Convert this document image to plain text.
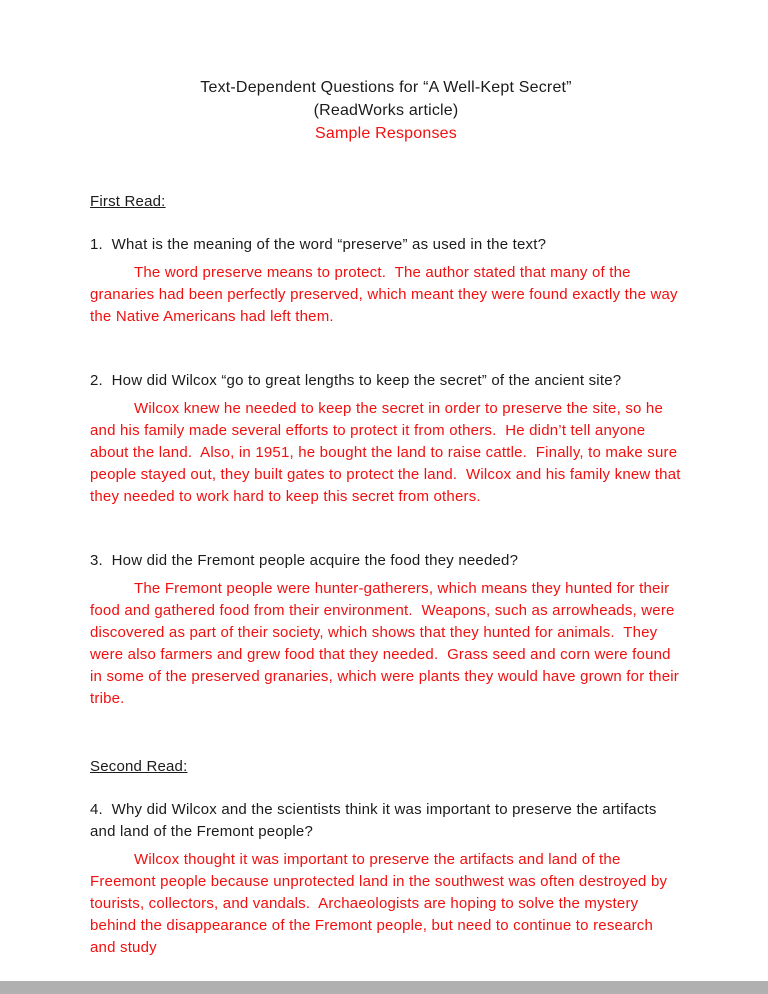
Text-Dependent Questions for “A Well-Kept Secret”
(ReadWorks article)
Sample Responses
First Read:

1.  What is the meaning of the word “preserve” as used in the text?

The word preserve means to protect.  The author stated that many of the granaries had been perfectly preserved, which meant they were found exactly the way the Native Americans had left them.

2.  How did Wilcox “go to great lengths to keep the secret” of the ancient site?

Wilcox knew he needed to keep the secret in order to preserve the site, so he and his family made several efforts to protect it from others.  He didn’t tell anyone about the land.  Also, in 1951, he bought the land to raise cattle.  Finally, to make sure people stayed out, they built gates to protect the land.  Wilcox and his family knew that they needed to work hard to keep this secret from others.

3.  How did the Fremont people acquire the food they needed?

The Fremont people were hunter-gatherers, which means they hunted for their food and gathered food from their environment.  Weapons, such as arrowheads, were discovered as part of their society, which shows that they hunted for animals.  They were also farmers and grew food that they needed.  Grass seed and corn were found in some of the preserved granaries, which were plants they would have grown for their tribe.

Second Read:

4.  Why did Wilcox and the scientists think it was important to preserve the artifacts and land of the Fremont people?

Wilcox thought it was important to preserve the artifacts and land of the Freemont people because unprotected land in the southwest was often destroyed by tourists, collectors, and vandals.  Archaeologists are hoping to solve the mystery behind the disappearance of the Fremont people, but need to continue to research and study
